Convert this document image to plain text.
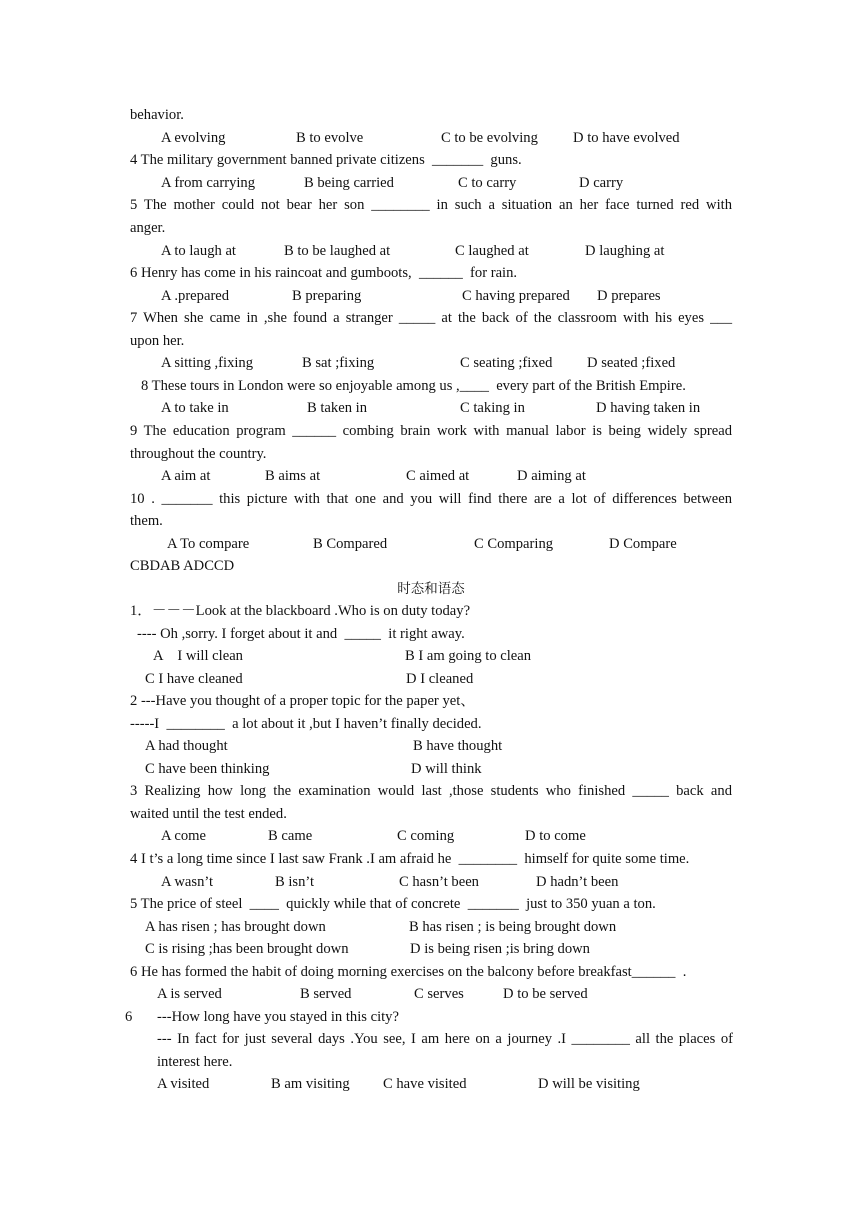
behavior.
A evolving	B to evolve	C to be evolving D to have evolved
4 The military government banned private citizens  _______  guns.
A from carrying	B being carried	C to carry	D carry
5 The mother could not bear her son ________ in such a situation an her face turned red with
anger.
A to laugh at	B to be laughed at	C laughed at	D laughing at
6 Henry has come in his raincoat and gumboots,  ______  for rain.
A .prepared	B preparing	C having prepared D prepares
7 When she came in ,she found a stranger _____ at the back of the classroom with his eyes ___
upon her.
A sitting ,fixing	B sat ;fixing	C seating ;fixed D seated ;fixed
8 These tours in London were so enjoyable among us ,____  every part of the British Empire.
A to take in	B taken in	C taking in	D having taken in
9 The education program ______ combing brain work with manual labor is being widely spread
throughout the country.
A aim at	B aims at	C aimed at	D aiming at
10 . _______ this picture with that one and you will find there are a lot of differences between
them.
A To compare	B Compared	C Comparing	D Compare
CBDAB ADCCD
时态和语态
1．－－－Look at the blackboard .Who is on duty today?
---- Oh ,sorry. I forget about it and  _____  it right away.
A    I will clean	B I am going to clean
C I have cleaned	D I cleaned
2 ---Have you thought of a proper topic for the paper yet、
-----I  ________  a lot about it ,but I haven’t finally decided.
A had thought	B have thought
C have been thinking	D will think
3 Realizing how long the examination would last ,those students who finished _____ back and
waited until the test ended.
A come	B came	C coming	D to come
4 I t’s a long time since I last saw Frank .I am afraid he  ________  himself for quite some time.
A wasn’t	B isn’t	C hasn’t been	D hadn’t been
5 The price of steel  ____  quickly while that of concrete  _______  just to 350 yuan a ton.
A has risen ; has brought down	B has risen ; is being brought down
C is rising ;has been brought down	D is being risen ;is bring down
6 He has formed the habit of doing morning exercises on the balcony before breakfast______  .
A is served	B served	C serves	D to be served
6 ---How long have you stayed in this city?
--- In fact for just several days .You see, I am here on a journey .I ________ all the places of
interest here.
A visited	B am visiting C have visited	D will be visiting
